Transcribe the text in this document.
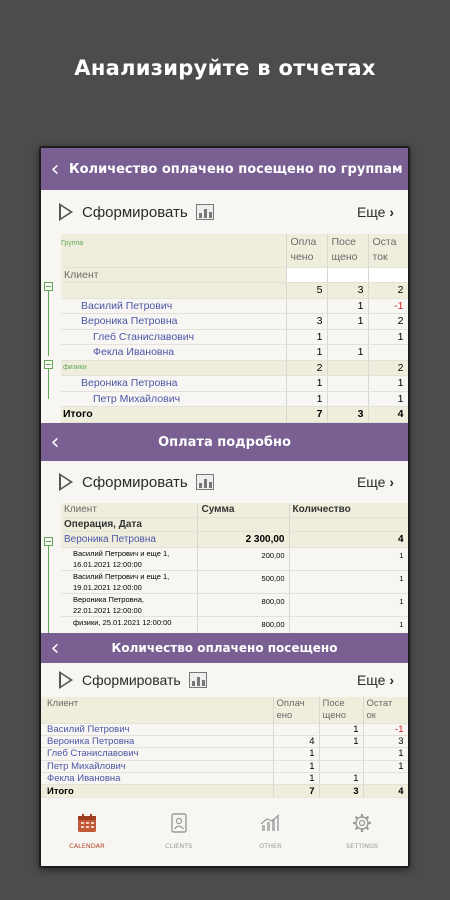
Анализируйте в отчетах
‹ Количество оплачено посещено по группам
Сформировать	Еще ›
Группа	Опла
чено	Посе
щено	Оста
ток
Клиент			
	5	3	2
Василий Петрович		1	-1
Вероника Петровна	3	1	2
Глеб Станиславович	1		1
Фекла Ивановна	1	1	
физики	2		2
Вероника Петровна	1		1
Петр Михайлович	1		1
Итого	7	3	4
‹	Оплата подробно
Сформировать	Еще ›
Клиент	Сумма	Количество
Операция, Дата		
Вероника Петровна	2 300,00	4
Василий Петрович и еще 1,
16.01.2021 12:00:00	200,00	1
Василий Петрович и еще 1,
19.01.2021 12:00:00	500,00	1
Вероника Петровна,
22.01.2021 12:00:00	800,00	1
физики, 25.01.2021 12:00:00	800,00	1
‹	Количество оплачено посещено
Сформировать	Еще ›
Клиент	Оплач
ено	Посе
щено	Остат
ок
Василий Петрович		1	-1
Вероника Петровна	4	1	3
Глеб Станиславович	1		1
Петр Михайлович	1		1
Фекла Ивановна	1	1	
Итого	7	3	4
CALENDAR	CLIENTS	OTHER	SETTINGS
